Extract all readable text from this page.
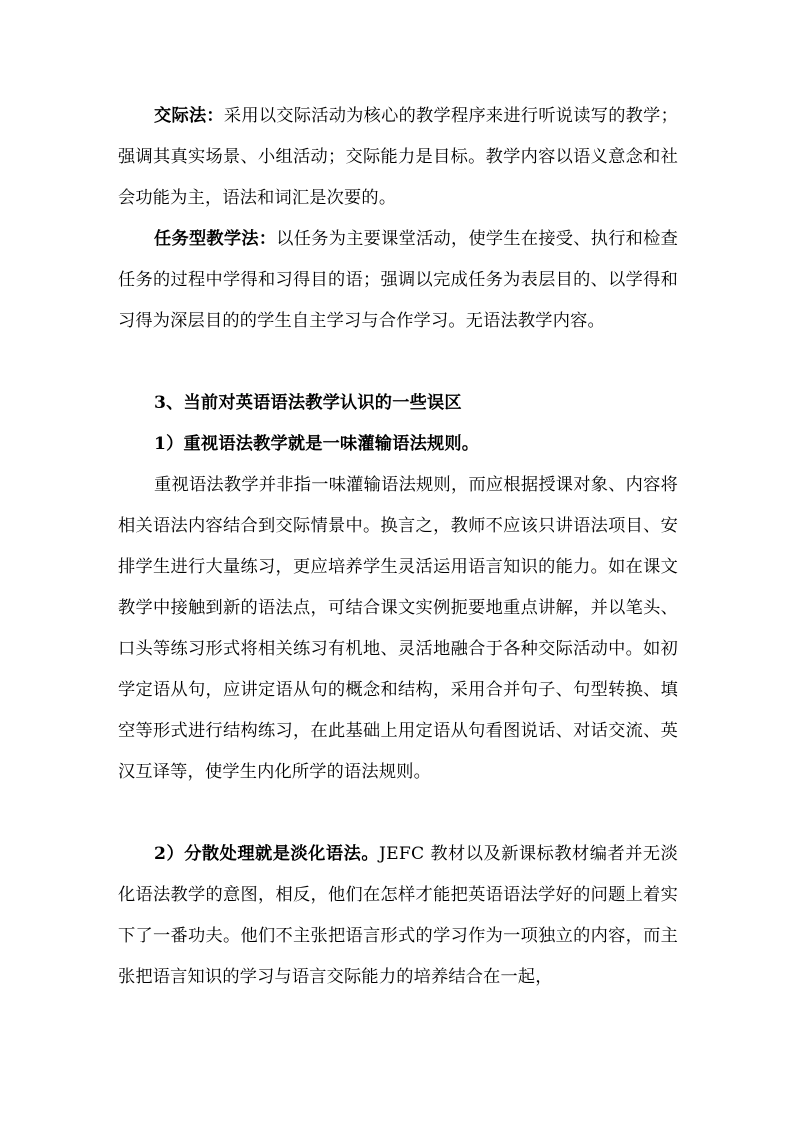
交际法：采用以交际活动为核心的教学程序来进行听说读写的教学；强调其真实场景、小组活动；交际能力是目标。教学内容以语义意念和社会功能为主，语法和词汇是次要的。

任务型教学法：以任务为主要课堂活动，使学生在接受、执行和检查任务的过程中学得和习得目的语；强调以完成任务为表层目的、以学得和习得为深层目的的学生自主学习与合作学习。无语法教学内容。

3、当前对英语语法教学认识的一些误区

1）重视语法教学就是一味灌输语法规则。

重视语法教学并非指一味灌输语法规则，而应根据授课对象、内容将相关语法内容结合到交际情景中。换言之，教师不应该只讲语法项目、安排学生进行大量练习，更应培养学生灵活运用语言知识的能力。如在课文教学中接触到新的语法点，可结合课文实例扼要地重点讲解，并以笔头、口头等练习形式将相关练习有机地、灵活地融合于各种交际活动中。如初学定语从句，应讲定语从句的概念和结构，采用合并句子、句型转换、填空等形式进行结构练习，在此基础上用定语从句看图说话、对话交流、英汉互译等，使学生内化所学的语法规则。

2）分散处理就是淡化语法。JEFC 教材以及新课标教材编者并无淡化语法教学的意图，相反，他们在怎样才能把英语语法学好的问题上着实下了一番功夫。他们不主张把语言形式的学习作为一项独立的内容，而主张把语言知识的学习与语言交际能力的培养结合在一起，
